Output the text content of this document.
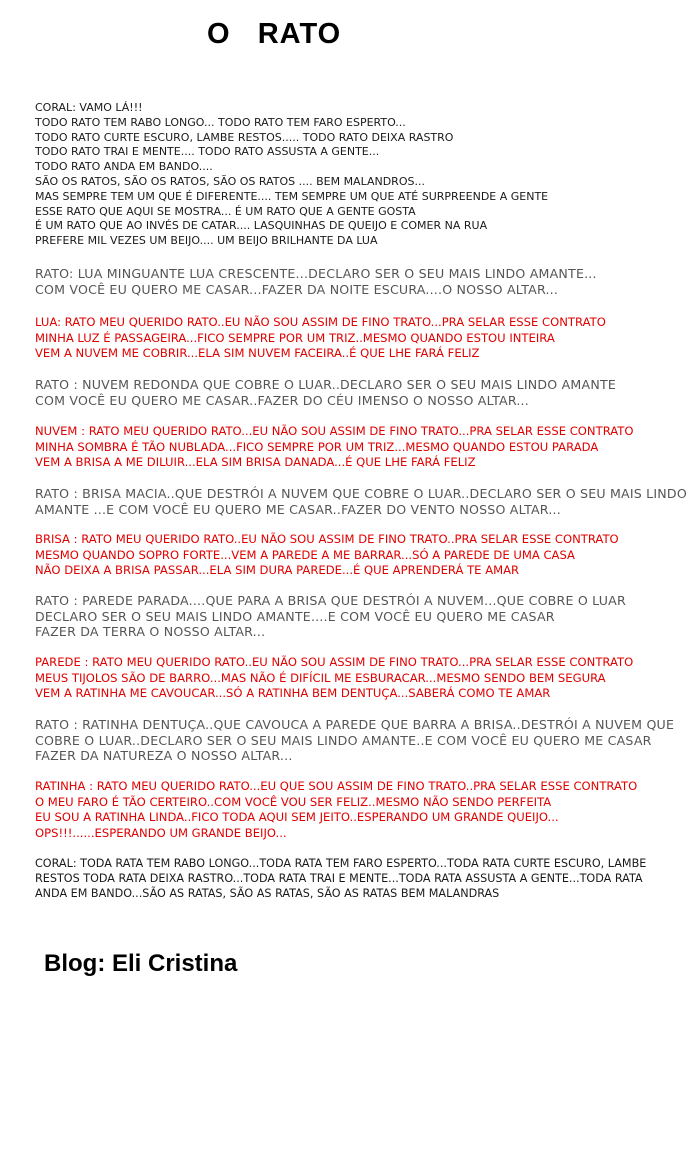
O   RATO
CORAL: VAMO LÁ!!!
TODO RATO TEM RABO LONGO... TODO RATO TEM FARO ESPERTO...
TODO RATO CURTE ESCURO, LAMBE RESTOS..... TODO RATO DEIXA RASTRO
TODO RATO TRAI E MENTE.... TODO RATO ASSUSTA A GENTE...
TODO RATO ANDA EM BANDO....
SÃO OS RATOS, SÃO OS RATOS, SÃO OS RATOS .... BEM MALANDROS...
MAS SEMPRE TEM UM QUE É DIFERENTE.... TEM SEMPRE UM QUE ATÉ SURPREENDE A GENTE
ESSE RATO QUE AQUI SE MOSTRA... É UM RATO QUE A GENTE GOSTA
É UM RATO QUE AO INVÉS DE CATAR.... LASQUINHAS DE QUEIJO E COMER NA RUA
PREFERE MIL VEZES UM BEIJO.... UM BEIJO BRILHANTE DA LUA
RATO: LUA MINGUANTE LUA CRESCENTE...DECLARO SER O SEU MAIS LINDO AMANTE...
COM VOCÊ EU QUERO ME CASAR...FAZER DA NOITE ESCURA....O NOSSO ALTAR...
LUA: RATO MEU QUERIDO RATO..EU NÃO SOU ASSIM DE FINO TRATO...PRA SELAR ESSE CONTRATO
MINHA LUZ É PASSAGEIRA...FICO SEMPRE POR UM TRIZ..MESMO QUANDO ESTOU INTEIRA
VEM A NUVEM ME COBRIR...ELA SIM NUVEM FACEIRA..É QUE LHE FARÁ FELIZ
RATO : NUVEM REDONDA QUE COBRE O LUAR..DECLARO SER O SEU MAIS LINDO AMANTE
COM VOCÊ EU QUERO ME CASAR..FAZER DO CÉU IMENSO O NOSSO ALTAR...
NUVEM : RATO MEU QUERIDO RATO...EU NÃO SOU ASSIM DE FINO TRATO...PRA SELAR ESSE CONTRATO
MINHA SOMBRA É TÃO NUBLADA...FICO SEMPRE POR UM TRIZ...MESMO QUANDO ESTOU PARADA
VEM A BRISA A ME DILUIR...ELA SIM BRISA DANADA...É QUE LHE FARÁ FELIZ
RATO : BRISA MACIA..QUE DESTRÓI A NUVEM QUE COBRE O LUAR..DECLARO SER O SEU MAIS LINDO
AMANTE ...E COM VOCÊ EU QUERO ME CASAR..FAZER DO VENTO NOSSO ALTAR...
BRISA : RATO MEU QUERIDO RATO..EU NÃO SOU ASSIM DE FINO TRATO..PRA SELAR ESSE CONTRATO
MESMO QUANDO SOPRO FORTE...VEM A PAREDE A ME BARRAR...SÓ A PAREDE DE UMA CASA
NÃO DEIXA A BRISA PASSAR...ELA SIM DURA PAREDE...É QUE APRENDERÁ TE AMAR
RATO : PAREDE PARADA....QUE PARA A BRISA QUE DESTRÓI A NUVEM...QUE COBRE O LUAR
DECLARO SER O SEU MAIS LINDO AMANTE....E COM VOCÊ EU QUERO ME CASAR
FAZER DA TERRA O NOSSO ALTAR...
PAREDE : RATO MEU QUERIDO RATO..EU NÃO SOU ASSIM DE FINO TRATO...PRA SELAR ESSE CONTRATO
MEUS TIJOLOS SÃO DE BARRO...MAS NÃO É DIFÍCIL ME ESBURACAR...MESMO SENDO BEM SEGURA
VEM A RATINHA ME CAVOUCAR...SÓ A RATINHA BEM DENTUÇA...SABERÁ COMO TE AMAR
RATO : RATINHA DENTUÇA..QUE CAVOUCA A PAREDE QUE BARRA A BRISA..DESTRÓI A NUVEM QUE
COBRE O LUAR..DECLARO SER O SEU MAIS LINDO AMANTE..E COM VOCÊ EU QUERO ME CASAR
FAZER DA NATUREZA O NOSSO ALTAR...
RATINHA : RATO MEU QUERIDO RATO...EU QUE SOU ASSIM DE FINO TRATO..PRA SELAR ESSE CONTRATO
O MEU FARO É TÃO CERTEIRO..COM VOCÊ VOU SER FELIZ..MESMO NÃO SENDO PERFEITA
EU SOU A RATINHA LINDA..FICO TODA AQUI SEM JEITO..ESPERANDO UM GRANDE QUEIJO...
OPS!!!......ESPERANDO UM GRANDE BEIJO...
CORAL: TODA RATA TEM RABO LONGO...TODA RATA TEM FARO ESPERTO...TODA RATA CURTE ESCURO, LAMBE
RESTOS TODA RATA DEIXA RASTRO...TODA RATA TRAI E MENTE...TODA RATA ASSUSTA A GENTE...TODA RATA
ANDA EM BANDO...SÃO AS RATAS, SÃO AS RATAS, SÃO AS RATAS BEM MALANDRAS
Blog: Eli Cristina
